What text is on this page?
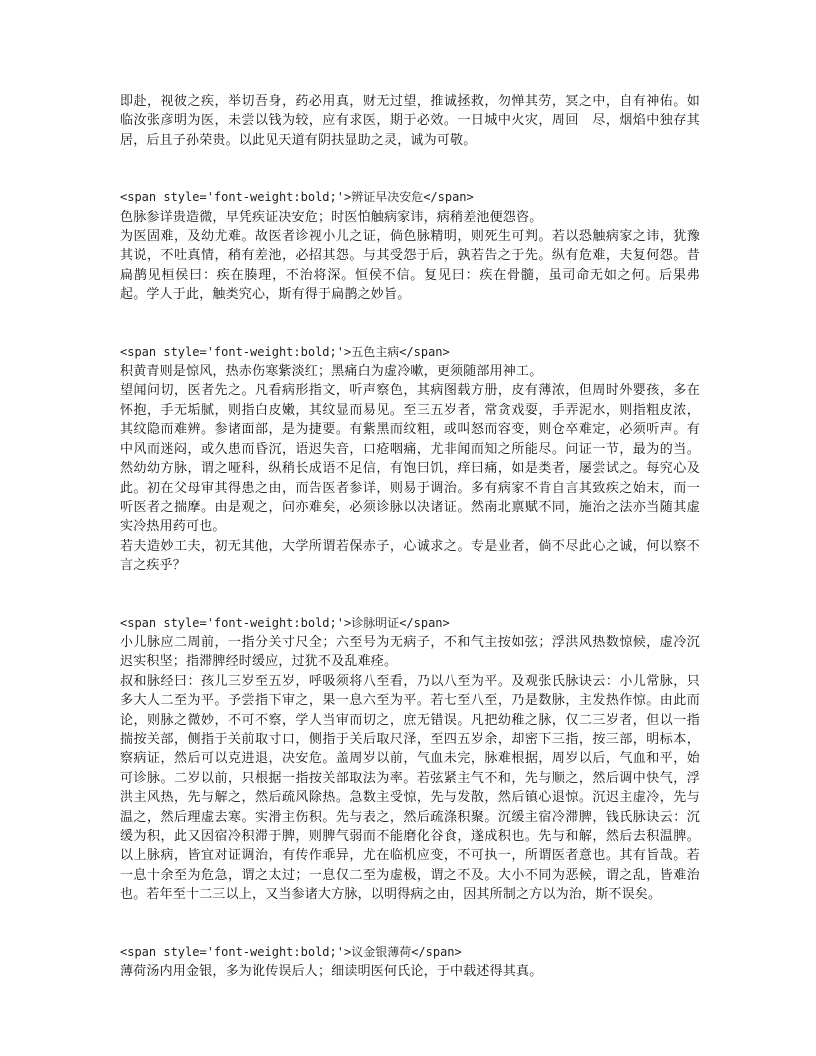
即赴，视彼之疾，举切吾身，药必用真，财无过望，推诚拯救，勿惮其劳，冥之中，自有神佑。如临汝张彦明为医，未尝以钱为较，应有求医，期于必效。一日城中火灾，周回　尽，烟焰中独存其居，后且子孙荣贵。以此见天道有阴扶显助之灵，诚为可敬。

<span style='font-weight:bold;'>辨证早决安危</span>

色脉参详贵造微，早凭疾证决安危；时医怕触病家讳，病稍差池便怨咨。

为医固难，及幼尤难。故医者诊视小儿之证，倘色脉精明，则死生可判。若以恐触病家之讳，犹豫其说，不吐真情，稍有差池，必招其怨。与其受怨于后，孰若告之于先。纵有危难，夫复何怨。昔扁鹊见桓侯曰：疾在腠理，不治将深。恒侯不信。复见曰：疾在骨髓，虽司命无如之何。后果弗起。学人于此，触类究心，斯有得于扁鹊之妙旨。

<span style='font-weight:bold;'>五色主病</span>

积黄青则是惊风，热赤伤寒紫淡红；黑痛白为虚冷嗽，更须随部用神工。

望闻问切，医者先之。凡看病形指文，听声察色，其病图载方册，皮有薄浓，但周时外婴孩，多在怀抱，手无垢腻，则指白皮嫩，其纹显而易见。至三五岁者，常贪戏耍，手弄泥水，则指粗皮浓，其纹隐而难辨。参诸面部，是为捷要。有紫黑而纹粗，或叫怒而容变，则仓卒难定，必须听声。有中风而迷闷，或久患而昏沉，语迟失音，口疮咽痛，尤非闻而知之所能尽。问证一节，最为的当。然幼幼方脉，谓之哑科，纵稍长成语不足信，有饱曰饥，痒曰痛，如是类者，屡尝试之。每究心及此。初在父母审其得患之由，而告医者参详，则易于调治。多有病家不肯自言其致疾之始末，而一听医者之揣摩。由是观之，问亦难矣，必须诊脉以决诸证。然南北禀赋不同，施治之法亦当随其虚实冷热用药可也。

若夫造妙工夫，初无其他，大学所谓若保赤子，心诚求之。专是业者，倘不尽此心之诚，何以察不言之疾乎？

<span style='font-weight:bold;'>诊脉明证</span>

小儿脉应二周前，一指分关寸尺全；六至号为无病子，不和气主按如弦；浮洪风热数惊候，虚冷沉迟实积坚；指滞脾经时缓应，过犹不及乱难痊。

叔和脉经曰：孩儿三岁至五岁，呼吸须将八至看，乃以八至为平。及观张氏脉诀云：小儿常脉，只多大人二至为平。予尝指下审之，果一息六至为平。若七至八至，乃是数脉，主发热作惊。由此而论，则脉之微妙，不可不察，学人当审而切之，庶无错误。凡把幼稚之脉，仅二三岁者，但以一指揣按关部，侧指于关前取寸口，侧指于关后取尺泽，至四五岁余，却密下三指，按三部，明标本，察病证，然后可以克进退，决安危。盖周岁以前，气血未完，脉难根据，周岁以后，气血和平，始可诊脉。二岁以前，只根据一指按关部取法为率。若弦紧主气不和，先与顺之，然后调中快气，浮洪主风热，先与解之，然后疏风除热。急数主受惊，先与发散，然后镇心退惊。沉迟主虚冷，先与温之，然后理虚去寒。实滑主伤积。先与表之，然后疏涤积聚。沉缓主宿冷滞脾，钱氏脉诀云：沉缓为积，此又因宿冷积滞于脾，则脾气弱而不能磨化谷食，遂成积也。先与和解，然后去积温脾。以上脉病，皆宜对证调治，有传作乖异，尤在临机应变，不可执一，所谓医者意也。其有旨哉。若一息十余至为危急，谓之太过；一息仅二至为虚极，谓之不及。大小不同为恶候，谓之乱，皆难治也。若年至十二三以上，又当参诸大方脉，以明得病之由，因其所制之方以为治，斯不误矣。

<span style='font-weight:bold;'>议金银薄荷</span>

薄荷汤内用金银，多为讹传误后人；细读明医何氏论，于中载述得其真。
